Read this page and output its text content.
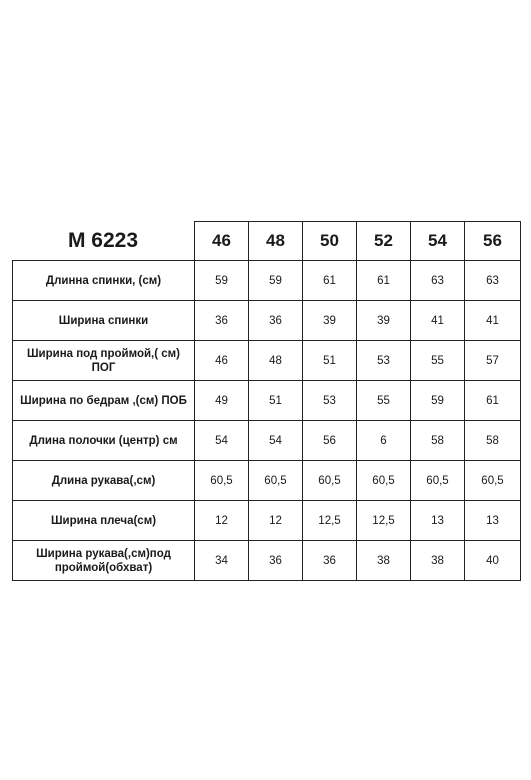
М 6223
		46	48	50	52	54	56
Длинна спинки, (см)	59	59	61	61	63	63
Ширина спинки	36	36	39	39	41	41
Ширина под проймой,( см) ПОГ	46	48	51	53	55	57
Ширина по бедрам ,(см) ПОБ	49	51	53	55	59	61
Длина полочки (центр) см	54	54	56	6	58	58
Длина рукава(,см)	60,5	60,5	60,5	60,5	60,5	60,5
Ширина плеча(см)	12	12	12,5	12,5	13	13
Ширина рукава(,см)под проймой(обхват)	34	36	36	38	38	40
